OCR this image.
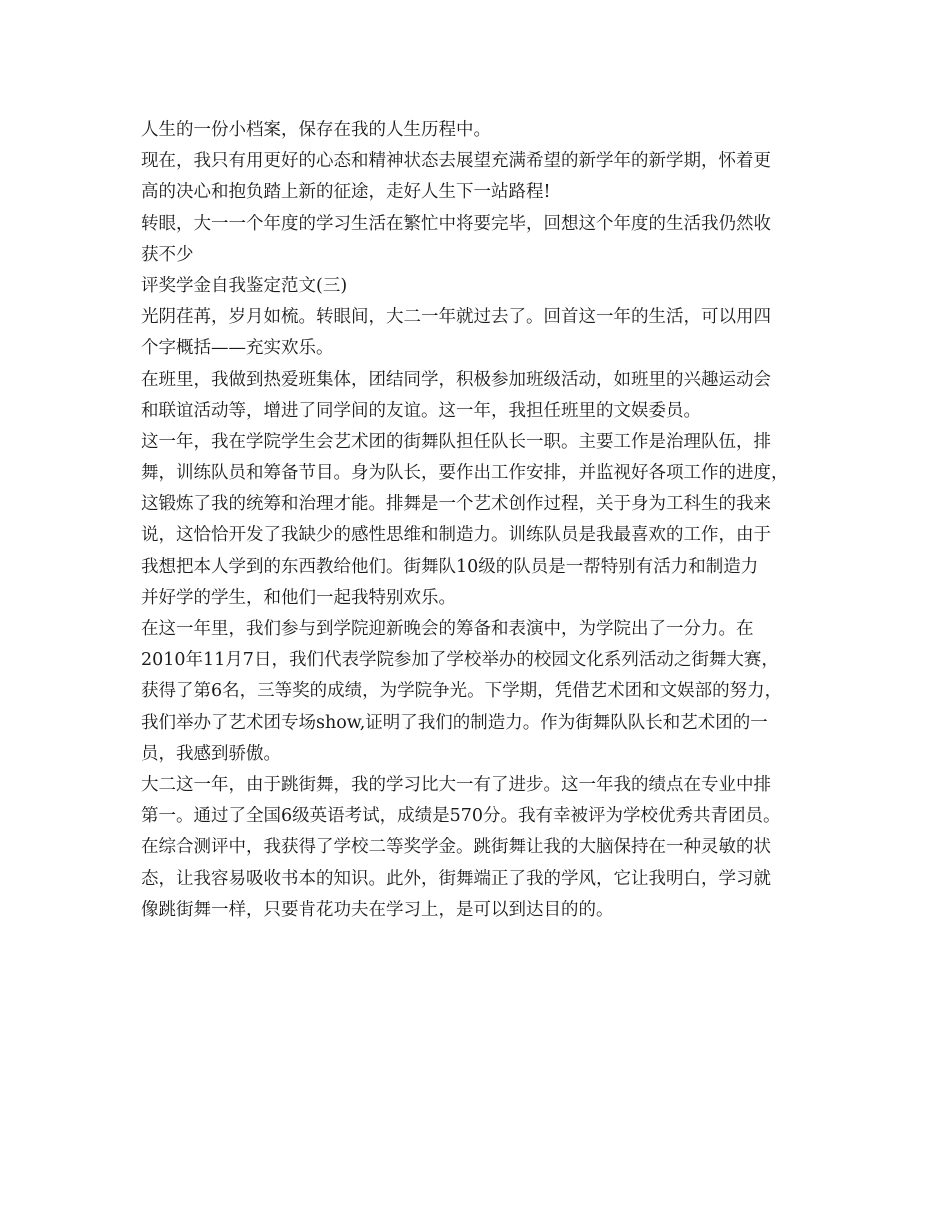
人生的一份小档案，保存在我的人生历程中。
现在，我只有用更好的心态和精神状态去展望充满希望的新学年的新学期，怀着更
高的决心和抱负踏上新的征途，走好人生下一站路程!
转眼，大一一个年度的学习生活在繁忙中将要完毕，回想这个年度的生活我仍然收
获不少
评奖学金自我鉴定范文(三)
光阴荏苒，岁月如梳。转眼间，大二一年就过去了。回首这一年的生活，可以用四
个字概括——充实欢乐。
在班里，我做到热爱班集体，团结同学，积极参加班级活动，如班里的兴趣运动会
和联谊活动等，增进了同学间的友谊。这一年，我担任班里的文娱委员。
这一年，我在学院学生会艺术团的街舞队担任队长一职。主要工作是治理队伍，排
舞，训练队员和筹备节目。身为队长，要作出工作安排，并监视好各项工作的进度，
这锻炼了我的统筹和治理才能。排舞是一个艺术创作过程，关于身为工科生的我来
说，这恰恰开发了我缺少的感性思维和制造力。训练队员是我最喜欢的工作，由于
我想把本人学到的东西教给他们。街舞队10级的队员是一帮特别有活力和制造力
并好学的学生，和他们一起我特别欢乐。
在这一年里，我们参与到学院迎新晚会的筹备和表演中，为学院出了一分力。在
2010年11月7日，我们代表学院参加了学校举办的校园文化系列活动之街舞大赛，
获得了第6名，三等奖的成绩，为学院争光。下学期，凭借艺术团和文娱部的努力，
我们举办了艺术团专场show,证明了我们的制造力。作为街舞队队长和艺术团的一
员，我感到骄傲。
大二这一年，由于跳街舞，我的学习比大一有了进步。这一年我的绩点在专业中排
第一。通过了全国6级英语考试，成绩是570分。我有幸被评为学校优秀共青团员。
在综合测评中，我获得了学校二等奖学金。跳街舞让我的大脑保持在一种灵敏的状
态，让我容易吸收书本的知识。此外，街舞端正了我的学风，它让我明白，学习就
像跳街舞一样，只要肯花功夫在学习上，是可以到达目的的。
